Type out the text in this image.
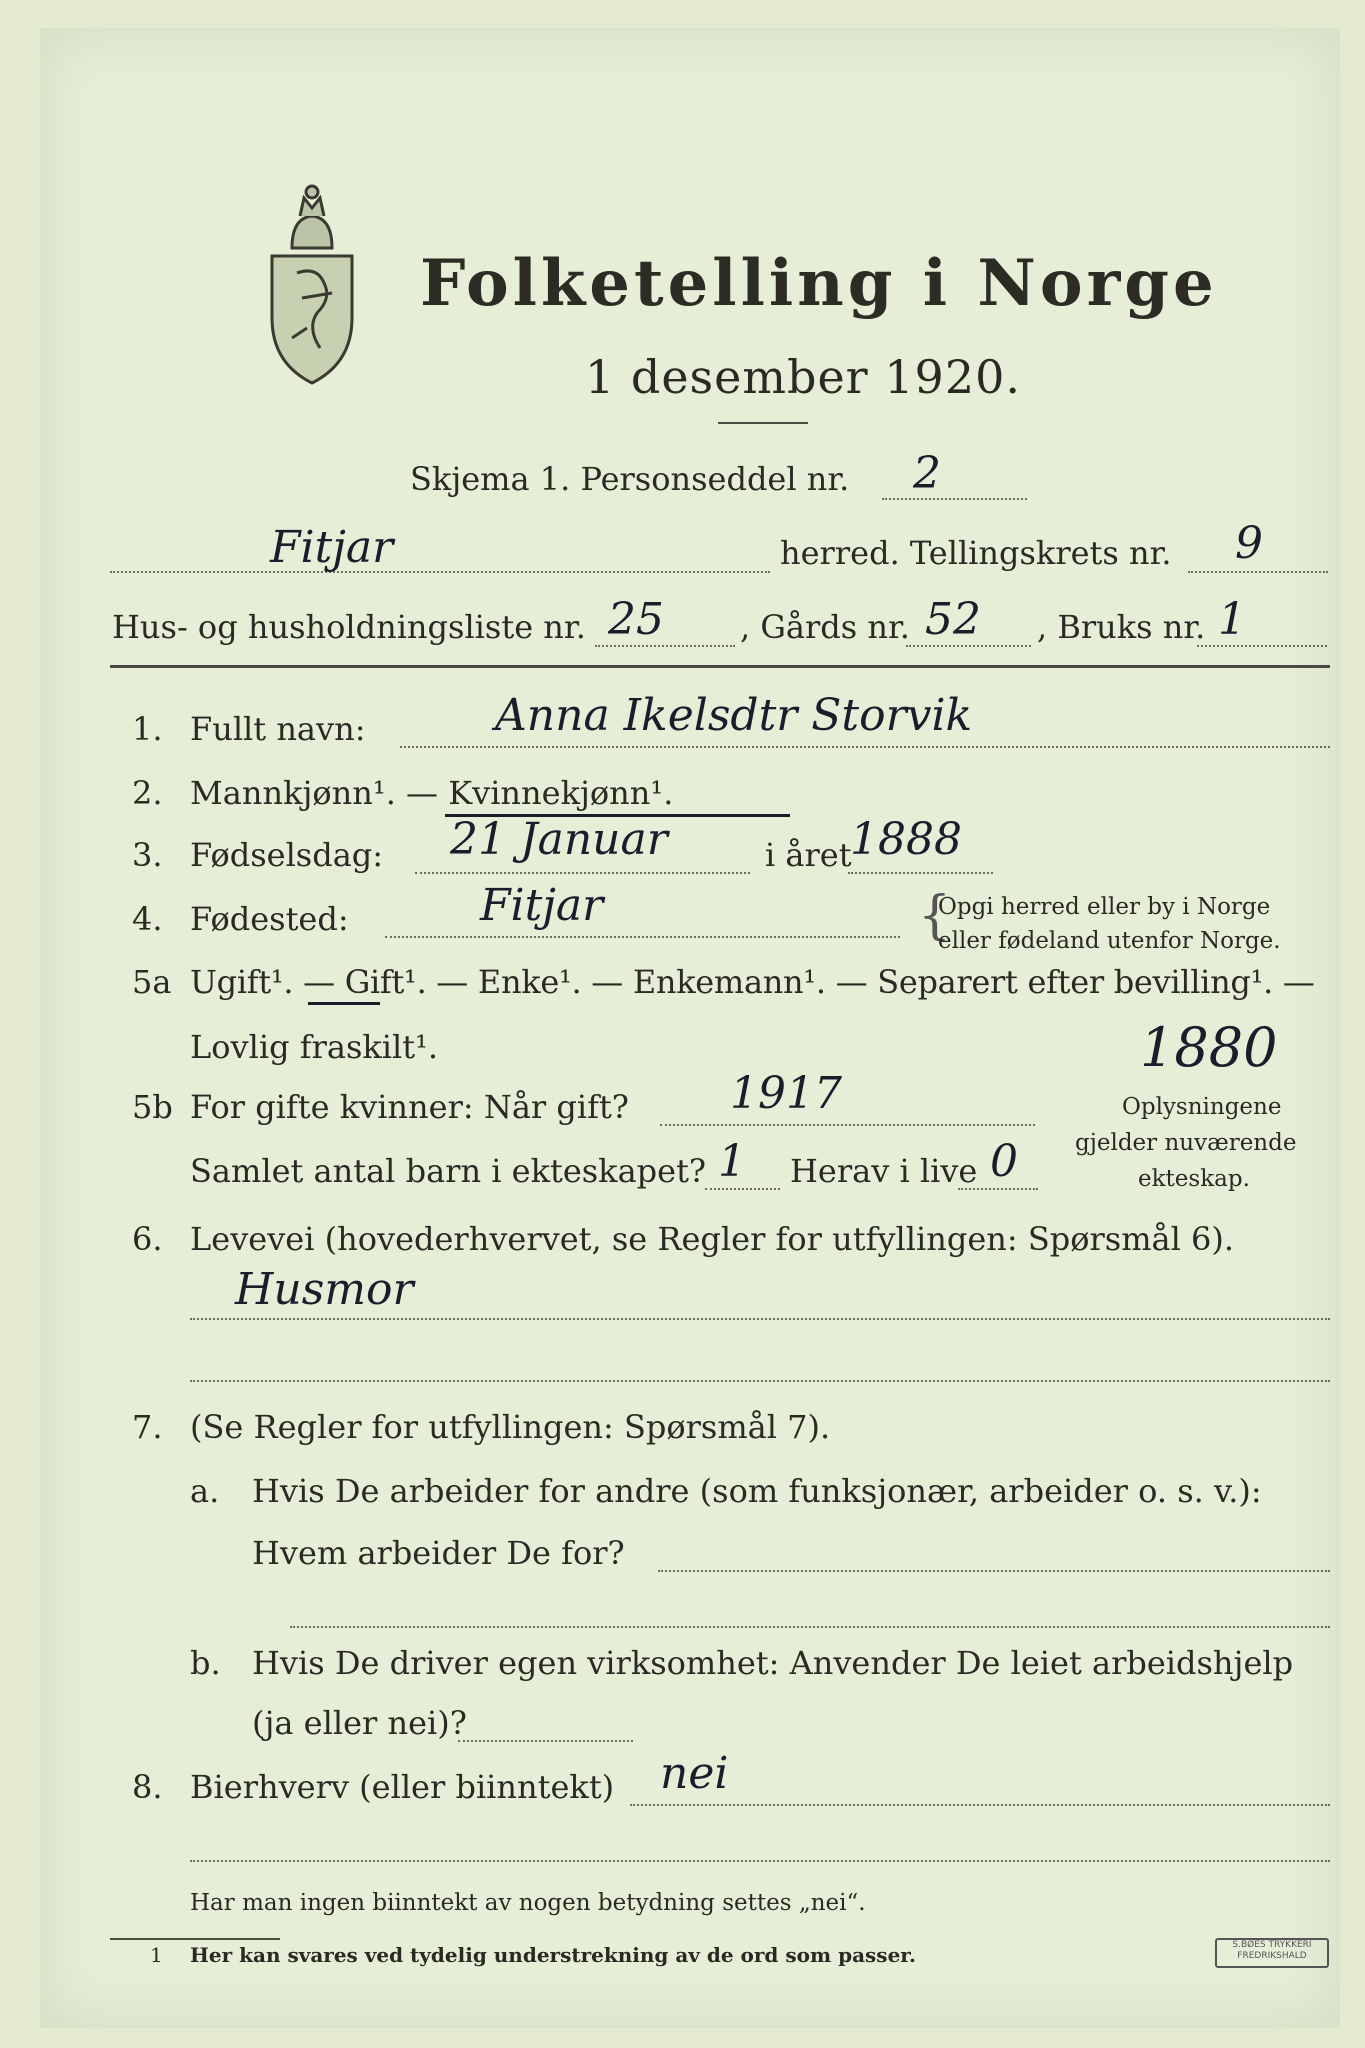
Folketelling i Norge
1 desember 1920.
Skjema 1. Personseddel nr. 2
Fitjar	herred. Tellingskrets nr. 9
Hus- og husholdningsliste nr. 25 , Gårds nr. 52 , Bruks nr. 1
1. Fullt navn:	Anna Ikelsdtr Storvik
2. Mannkjønn¹. — Kvinnekjønn¹.
3. Fødselsdag: 21 Januar	i året
1888
4. Fødested:	Fitjar	{
Opgi herred eller by i Norge
eller fødeland utenfor Norge.
5a Ugift¹. — Gift¹. — Enke¹. — Enkemann¹. — Separert efter bevilling¹. —
Lovlig fraskilt¹.	1880
5b For gifte kvinner: Når gift? 1917
Samlet antal barn i ekteskapet? 1 Herav i live 0
Oplysningene
gjelder nuværende
ekteskap.
6. Levevei (hovederhvervet, se Regler for utfyllingen: Spørsmål 6).
Husmor
7. (Se Regler for utfyllingen: Spørsmål 7).
a. Hvis De arbeider for andre (som funksjonær, arbeider o. s. v.):
Hvem arbeider De for?
b. Hvis De driver egen virksomhet: Anvender De leiet arbeidshjelp
(ja eller nei)?
8. Bierhverv (eller biinntekt) nei
Har man ingen biinntekt av nogen betydning settes „nei“.
1 Her kan svares ved tydelig understrekning av de ord som passer.	S.BØES TRYKKERI
FREDRIKSHALD
